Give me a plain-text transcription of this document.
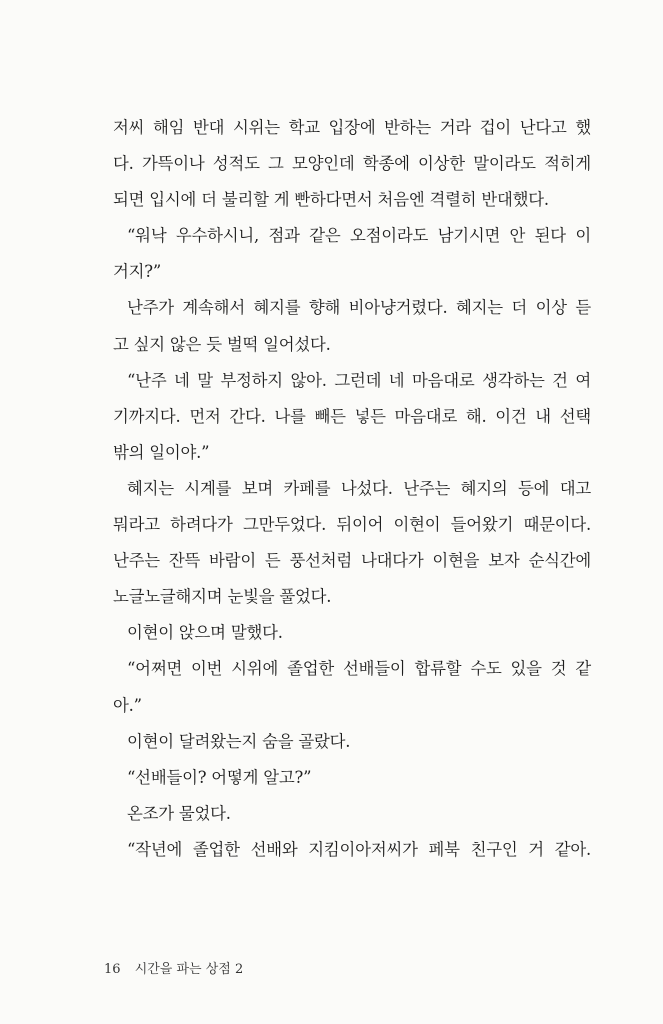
저씨 해임 반대 시위는 학교 입장에 반하는 거라 겁이 난다고 했
다. 가뜩이나 성적도 그 모양인데 학종에 이상한 말이라도 적히게
되면 입시에 더 불리할 게 빤하다면서 처음엔 격렬히 반대했다.
“워낙 우수하시니, 점과 같은 오점이라도 남기시면 안 된다 이
거지?”
난주가 계속해서 혜지를 향해 비아냥거렸다. 혜지는 더 이상 듣
고 싶지 않은 듯 벌떡 일어섰다.
“난주 네 말 부정하지 않아. 그런데 네 마음대로 생각하는 건 여
기까지다. 먼저 간다. 나를 빼든 넣든 마음대로 해. 이건 내 선택
밖의 일이야.”
혜지는 시계를 보며 카페를 나섰다. 난주는 혜지의 등에 대고
뭐라고 하려다가 그만두었다. 뒤이어 이현이 들어왔기 때문이다.
난주는 잔뜩 바람이 든 풍선처럼 나대다가 이현을 보자 순식간에
노글노글해지며 눈빛을 풀었다.
이현이 앉으며 말했다.
“어쩌면 이번 시위에 졸업한 선배들이 합류할 수도 있을 것 같
아.”
이현이 달려왔는지 숨을 골랐다.
“선배들이? 어떻게 알고?”
온조가 물었다.
“작년에 졸업한 선배와 지킴이아저씨가 페북 친구인 거 같아.
16 시간을 파는 상점 2
